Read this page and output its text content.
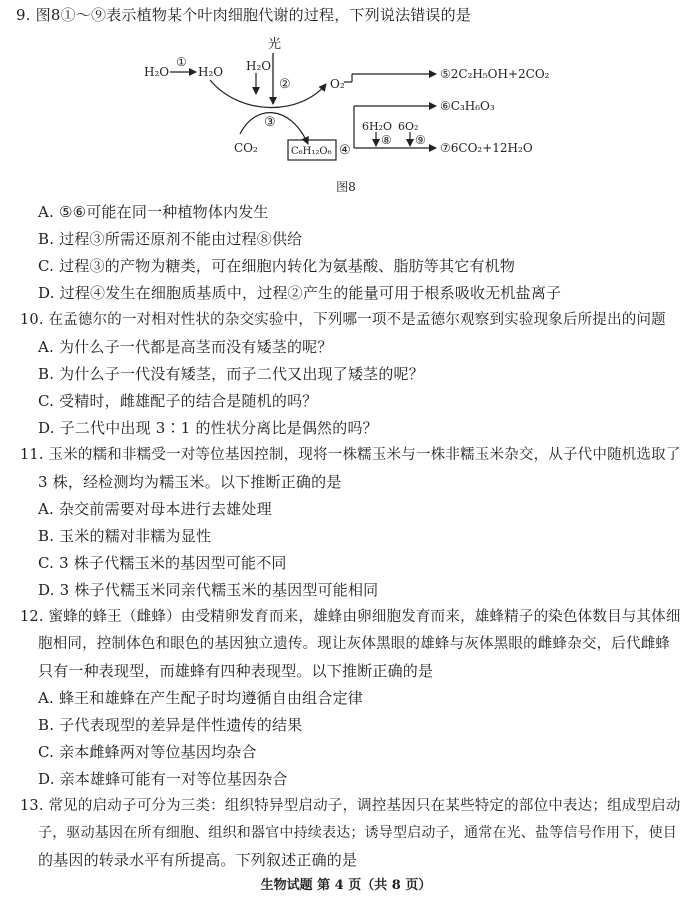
9. 图8①～⑨表示植物某个叶肉细胞代谢的过程，下列说法错误的是
光
②
H₂O
①
H₂O H₂O
O₂
③
CO₂	C₆H₁₂O₆ ④
6H₂O 6O₂
⑧ ⑨
⑤2C₂H₅OH+2CO₂
⑥C₃H₆O₃
⑦6CO₂+12H₂O
图8
A. ⑤⑥可能在同一种植物体内发生
B. 过程③所需还原剂不能由过程⑧供给
C. 过程③的产物为糖类，可在细胞内转化为氨基酸、脂肪等其它有机物
D. 过程④发生在细胞质基质中，过程②产生的能量可用于根系吸收无机盐离子
10. 在孟德尔的一对相对性状的杂交实验中，下列哪一项不是孟德尔观察到实验现象后所提出的问题
A. 为什么子一代都是高茎而没有矮茎的呢？
B. 为什么子一代没有矮茎，而子二代又出现了矮茎的呢？
C. 受精时，雌雄配子的结合是随机的吗？
D. 子二代中出现 3∶1 的性状分离比是偶然的吗？
11. 玉米的糯和非糯受一对等位基因控制，现将一株糯玉米与一株非糯玉米杂交，从子代中随机选取了
3 株，经检测均为糯玉米。以下推断正确的是
A. 杂交前需要对母本进行去雄处理
B. 玉米的糯对非糯为显性
C. 3 株子代糯玉米的基因型可能不同
D. 3 株子代糯玉米同亲代糯玉米的基因型可能相同
12. 蜜蜂的蜂王（雌蜂）由受精卵发育而来，雄蜂由卵细胞发育而来，雄蜂精子的染色体数目与其体细
胞相同，控制体色和眼色的基因独立遗传。现让灰体黑眼的雄蜂与灰体黑眼的雌蜂杂交，后代雌蜂
只有一种表现型，而雄蜂有四种表现型。以下推断正确的是
A. 蜂王和雄蜂在产生配子时均遵循自由组合定律
B. 子代表现型的差异是伴性遗传的结果
C. 亲本雌蜂两对等位基因均杂合
D. 亲本雄蜂可能有一对等位基因杂合
13. 常见的启动子可分为三类：组织特异型启动子，调控基因只在某些特定的部位中表达；组成型启动
子，驱动基因在所有细胞、组织和器官中持续表达；诱导型启动子，通常在光、盐等信号作用下，使目
的基因的转录水平有所提高。下列叙述正确的是
生物试题 第 4 页（共 8 页）
